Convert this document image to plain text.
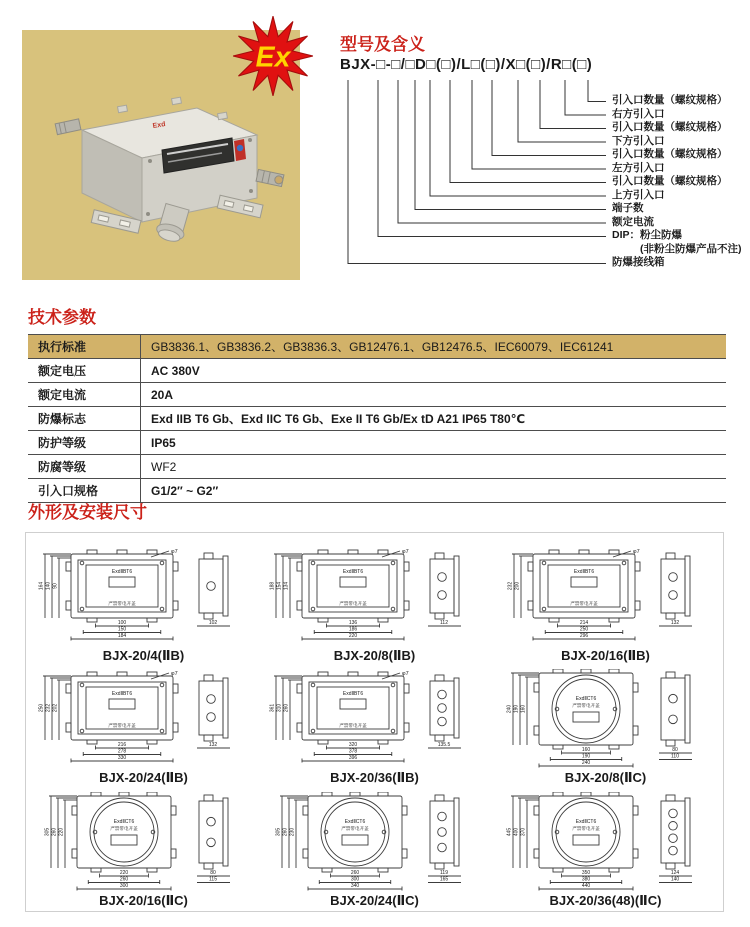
Exd
Ex	型号及含义
BJX-□-□/□D□(□)/L□(□)/X□(□)/R□(□)
引入口数量（螺纹规格）
右方引入口
引入口数量（螺纹规格）
下方引入口
引入口数量（螺纹规格）
左方引入口
引入口数量（螺纹规格）
上方引入口
端子数
额定电流
DIP：粉尘防爆
(非粉尘防爆产品不注)
防爆接线箱
技术参数
执行标准	GB3836.1、GB3836.2、GB3836.3、GB12476.1、GB12476.5、IEC60079、IEC61241
额定电压	AC 380V
额定电流	20A
防爆标志	Exd IIB T6 Gb、Exd IIC T6 Gb、Exe II T6 Gb/Ex tD A21 IP65 T80℃
防护等级	IP65
防腐等级	WF2
引入口规格	G1/2″ ~ G2″
外形及安装尺寸
ExdⅡBT6
严禁带电开盖
φ7
164 140 90
100
150
184
102
BJX-20/4(ⅡB)
ExdⅡBT6
严禁带电开盖
φ7
188 154 134
136
186
220
112
BJX-20/8(ⅡB)
ExdⅡBT6
严禁带电开盖
φ7
232 200
214
250
296
132
BJX-20/16(ⅡB)
ExdⅡBT6
严禁带电开盖
φ7
250 232 202
216
278
330
132
BJX-20/24(ⅡB)
ExdⅡBT6
严禁带电开盖
φ7
361 310 260
320
378
396
135.5
BJX-20/36(ⅡB)
ExdⅡCT6
严禁带电开盖
240 190 160
160
190
240
80
110
BJX-20/8(ⅡC)
ExdⅡCT6
严禁带电开盖
305 260 220
220
260
300
80
115
BJX-20/16(ⅡC)
ExdⅡCT6
严禁带电开盖
305 260 230
260
300
340
119
165
BJX-20/24(ⅡC)
ExdⅡCT6
严禁带电开盖
445 400 370
350
380
440
124
140
BJX-20/36(48)(ⅡC)
